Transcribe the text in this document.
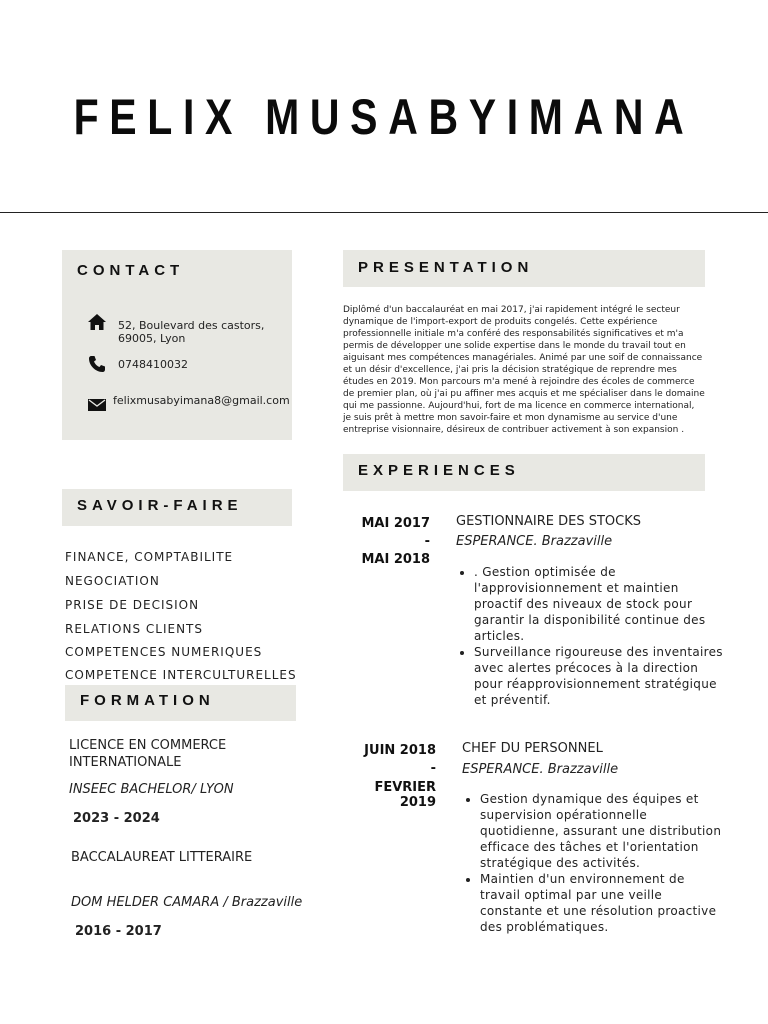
FELIX MUSABYIMANA
CONTACT
52, Boulevard des castors,
69005, Lyon
0748410032
felixmusabyimana8@gmail.com
SAVOIR-FAIRE
FINANCE, COMPTABILITE
NEGOCIATION
PRISE DE DECISION
RELATIONS CLIENTS
COMPETENCES NUMERIQUES
COMPETENCE INTERCULTURELLES
FORMATION
LICENCE EN COMMERCE INTERNATIONALE
INSEEC BACHELOR/ LYON
2023 - 2024
BACCALAUREAT LITTERAIRE
DOM HELDER CAMARA / Brazzaville
2016 - 2017
PRESENTATION
Diplômé d'un baccalauréat en mai 2017, j'ai rapidement intégré le secteur dynamique de l'import-export de produits congelés. Cette expérience professionnelle initiale m'a conféré des responsabilités significatives et m'a permis de développer une solide expertise dans le monde du travail tout en aiguisant mes compétences managériales. Animé par une soif de connaissance et un désir d'excellence, j'ai pris la décision stratégique de reprendre mes études en 2019. Mon parcours m'a mené à rejoindre des écoles de commerce de premier plan, où j'ai pu affiner mes acquis et me spécialiser dans le domaine qui me passionne. Aujourd'hui, fort de ma licence en commerce international, je suis prêt à mettre mon savoir-faire et mon dynamisme au service d'une entreprise visionnaire, désireux de contribuer activement à son expansion .
EXPERIENCES
MAI 2017
-
MAI 2018
GESTIONNAIRE DES STOCKS
ESPERANCE. Brazzaville
• . Gestion optimisée de l'approvisionnement et maintien proactif des niveaux de stock pour garantir la disponibilité continue des articles.
• Surveillance rigoureuse des inventaires avec alertes précoces à la direction pour réapprovisionnement stratégique et préventif.
JUIN 2018
-
FEVRIER 2019
CHEF DU PERSONNEL
ESPERANCE. Brazzaville
• Gestion dynamique des équipes et supervision opérationnelle quotidienne, assurant une distribution efficace des tâches et l'orientation stratégique des activités.
• Maintien d'un environnement de travail optimal par une veille constante et une résolution proactive des problématiques.
